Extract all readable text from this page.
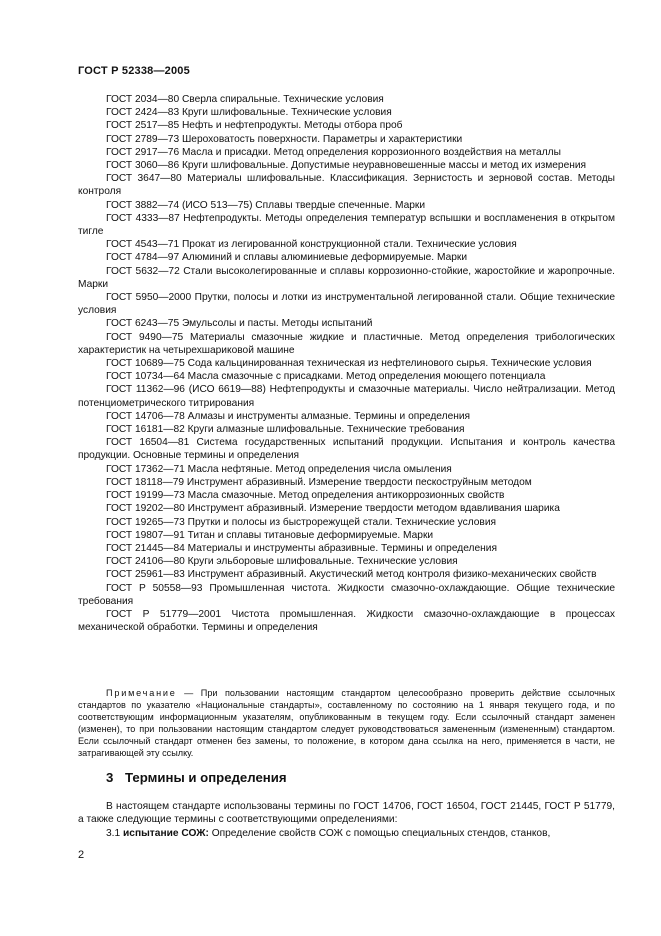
ГОСТ Р 52338—2005
ГОСТ 2034—80 Сверла спиральные. Технические условия
ГОСТ 2424—83 Круги шлифовальные. Технические условия
ГОСТ 2517—85 Нефть и нефтепродукты. Методы отбора проб
ГОСТ 2789—73 Шероховатость поверхности. Параметры и характеристики
ГОСТ 2917—76 Масла и присадки. Метод определения коррозионного воздействия на металлы
ГОСТ 3060—86 Круги шлифовальные. Допустимые неуравновешенные массы и метод их измерения
ГОСТ 3647—80 Материалы шлифовальные. Классификация. Зернистость и зерновой состав. Методы контроля
ГОСТ 3882—74 (ИСО 513—75) Сплавы твердые спеченные. Марки
ГОСТ 4333—87 Нефтепродукты. Методы определения температур вспышки и воспламенения в открытом тигле
ГОСТ 4543—71 Прокат из легированной конструкционной стали. Технические условия
ГОСТ 4784—97 Алюминий и сплавы алюминиевые деформируемые. Марки
ГОСТ 5632—72 Стали высоколегированные и сплавы коррозионно-стойкие, жаростойкие и жаропрочные. Марки
ГОСТ 5950—2000 Прутки, полосы и лотки из инструментальной легированной стали. Общие технические условия
ГОСТ 6243—75 Эмульсолы и пасты. Методы испытаний
ГОСТ 9490—75 Материалы смазочные жидкие и пластичные. Метод определения трибологических характеристик на четырехшариковой машине
ГОСТ 10689—75 Сода кальцинированная техническая из нефтелинового сырья. Технические условия
ГОСТ 10734—64 Масла смазочные с присадками. Метод определения моющего потенциала
ГОСТ 11362—96 (ИСО 6619—88) Нефтепродукты и смазочные материалы. Число нейтрализации. Метод потенциометрического титрирования
ГОСТ 14706—78 Алмазы и инструменты алмазные. Термины и определения
ГОСТ 16181—82 Круги алмазные шлифовальные. Технические требования
ГОСТ 16504—81 Система государственных испытаний продукции. Испытания и контроль качества продукции. Основные термины и определения
ГОСТ 17362—71 Масла нефтяные. Метод определения числа омыления
ГОСТ 18118—79 Инструмент абразивный. Измерение твердости пескоструйным методом
ГОСТ 19199—73 Масла смазочные. Метод определения антикоррозионных свойств
ГОСТ 19202—80 Инструмент абразивный. Измерение твердости методом вдавливания шарика
ГОСТ 19265—73 Прутки и полосы из быстрорежущей стали. Технические условия
ГОСТ 19807—91 Титан и сплавы титановые деформируемые. Марки
ГОСТ 21445—84 Материалы и инструменты абразивные. Термины и определения
ГОСТ 24106—80 Круги эльборовые шлифовальные. Технические условия
ГОСТ 25961—83 Инструмент абразивный. Акустический метод контроля физико-механических свойств
ГОСТ Р 50558—93 Промышленная чистота. Жидкости смазочно-охлаждающие. Общие технические требования
ГОСТ Р 51779—2001 Чистота промышленная. Жидкости смазочно-охлаждающие в процессах механической обработки. Термины и определения
Примечание — При пользовании настоящим стандартом целесообразно проверить действие ссылочных стандартов по указателю «Национальные стандарты», составленному по состоянию на 1 января текущего года, и по соответствующим информационным указателям, опубликованным в текущем году. Если ссылочный стандарт заменен (изменен), то при пользовании настоящим стандартом следует руководствоваться замененным (измененным) стандартом. Если ссылочный стандарт отменен без замены, то положение, в котором дана ссылка на него, применяется в части, не затрагивающей эту ссылку.
3 Термины и определения

В настоящем стандарте использованы термины по ГОСТ 14706, ГОСТ 16504, ГОСТ 21445, ГОСТ Р 51779, а также следующие термины с соответствующими определениями:

3.1 испытание СОЖ: Определение свойств СОЖ с помощью специальных стендов, станков,

2
